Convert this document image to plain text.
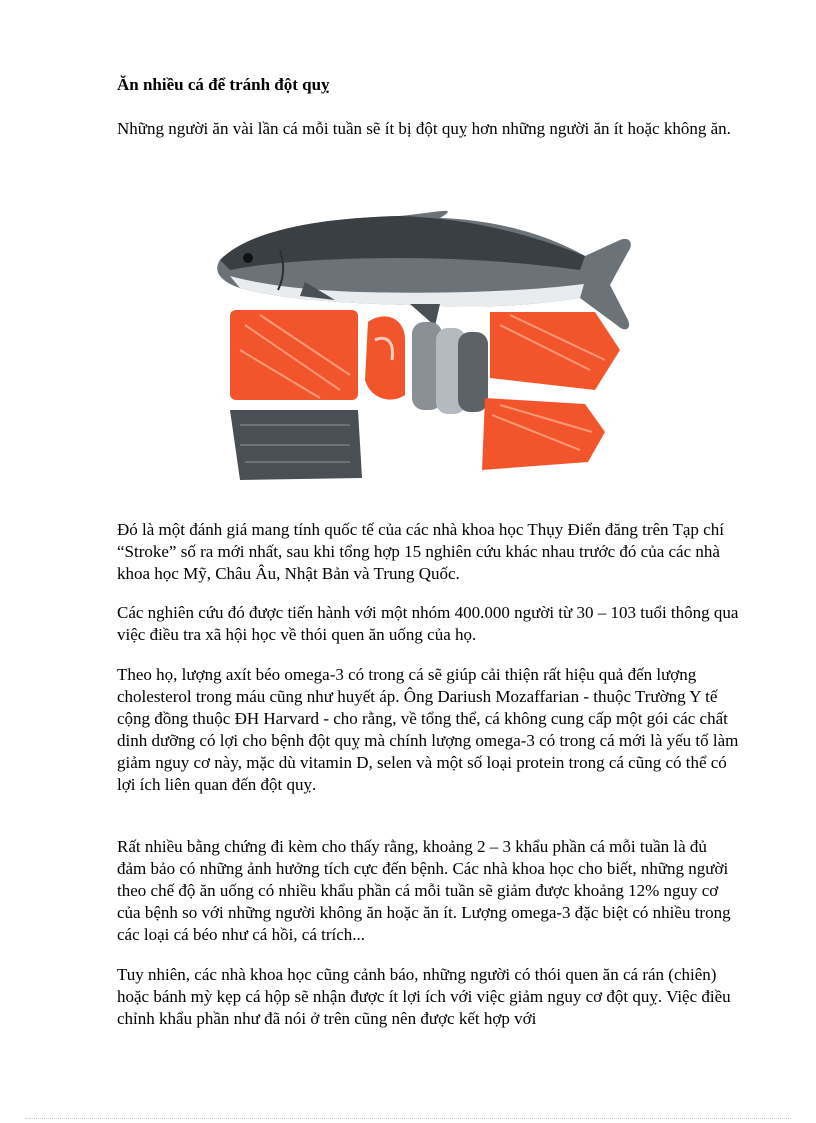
Ăn nhiều cá để tránh đột quỵ

Những người ăn vài lần cá mỗi tuần sẽ ít bị đột quỵ hơn những người ăn ít hoặc không ăn.

Đó là một đánh giá mang tính quốc tế của các nhà khoa học Thụy Điển đăng trên Tạp chí “Stroke” số ra mới nhất, sau khi tổng hợp 15 nghiên cứu khác nhau trước đó của các nhà khoa học Mỹ, Châu Âu, Nhật Bản và Trung Quốc.

Các nghiên cứu đó được tiến hành với một nhóm 400.000 người từ 30 – 103 tuổi thông qua việc điều tra xã hội học về thói quen ăn uống của họ.

Theo họ, lượng axít béo omega-3 có trong cá sẽ giúp cải thiện rất hiệu quả đến lượng cholesterol trong máu cũng như huyết áp. Ông Dariush Mozaffarian - thuộc Trường Y tế cộng đồng thuộc ĐH Harvard - cho rằng, về tổng thể, cá không cung cấp một gói các chất dinh dưỡng có lợi cho bệnh đột quỵ mà chính lượng omega-3 có trong cá mới là yếu tố làm giảm nguy cơ này, mặc dù vitamin D, selen và một số loại protein trong cá cũng có thể có lợi ích liên quan đến đột quỵ.

Rất nhiều bằng chứng đi kèm cho thấy rằng, khoảng 2 – 3 khẩu phần cá mỗi tuần là đủ đảm bảo có những ảnh hưởng tích cực đến bệnh. Các nhà khoa học cho biết, những người theo chế độ ăn uống có nhiều khẩu phần cá mỗi tuần sẽ giảm được khoảng 12% nguy cơ của bệnh so với những người không ăn hoặc ăn ít. Lượng omega-3 đặc biệt có nhiều trong các loại cá béo như cá hồi, cá trích...

Tuy nhiên, các nhà khoa học cũng cảnh báo, những người có thói quen ăn cá rán (chiên) hoặc bánh mỳ kẹp cá hộp sẽ nhận được ít lợi ích với việc giảm nguy cơ đột quỵ. Việc điều chỉnh khẩu phần như đã nói ở trên cũng nên được kết hợp với
